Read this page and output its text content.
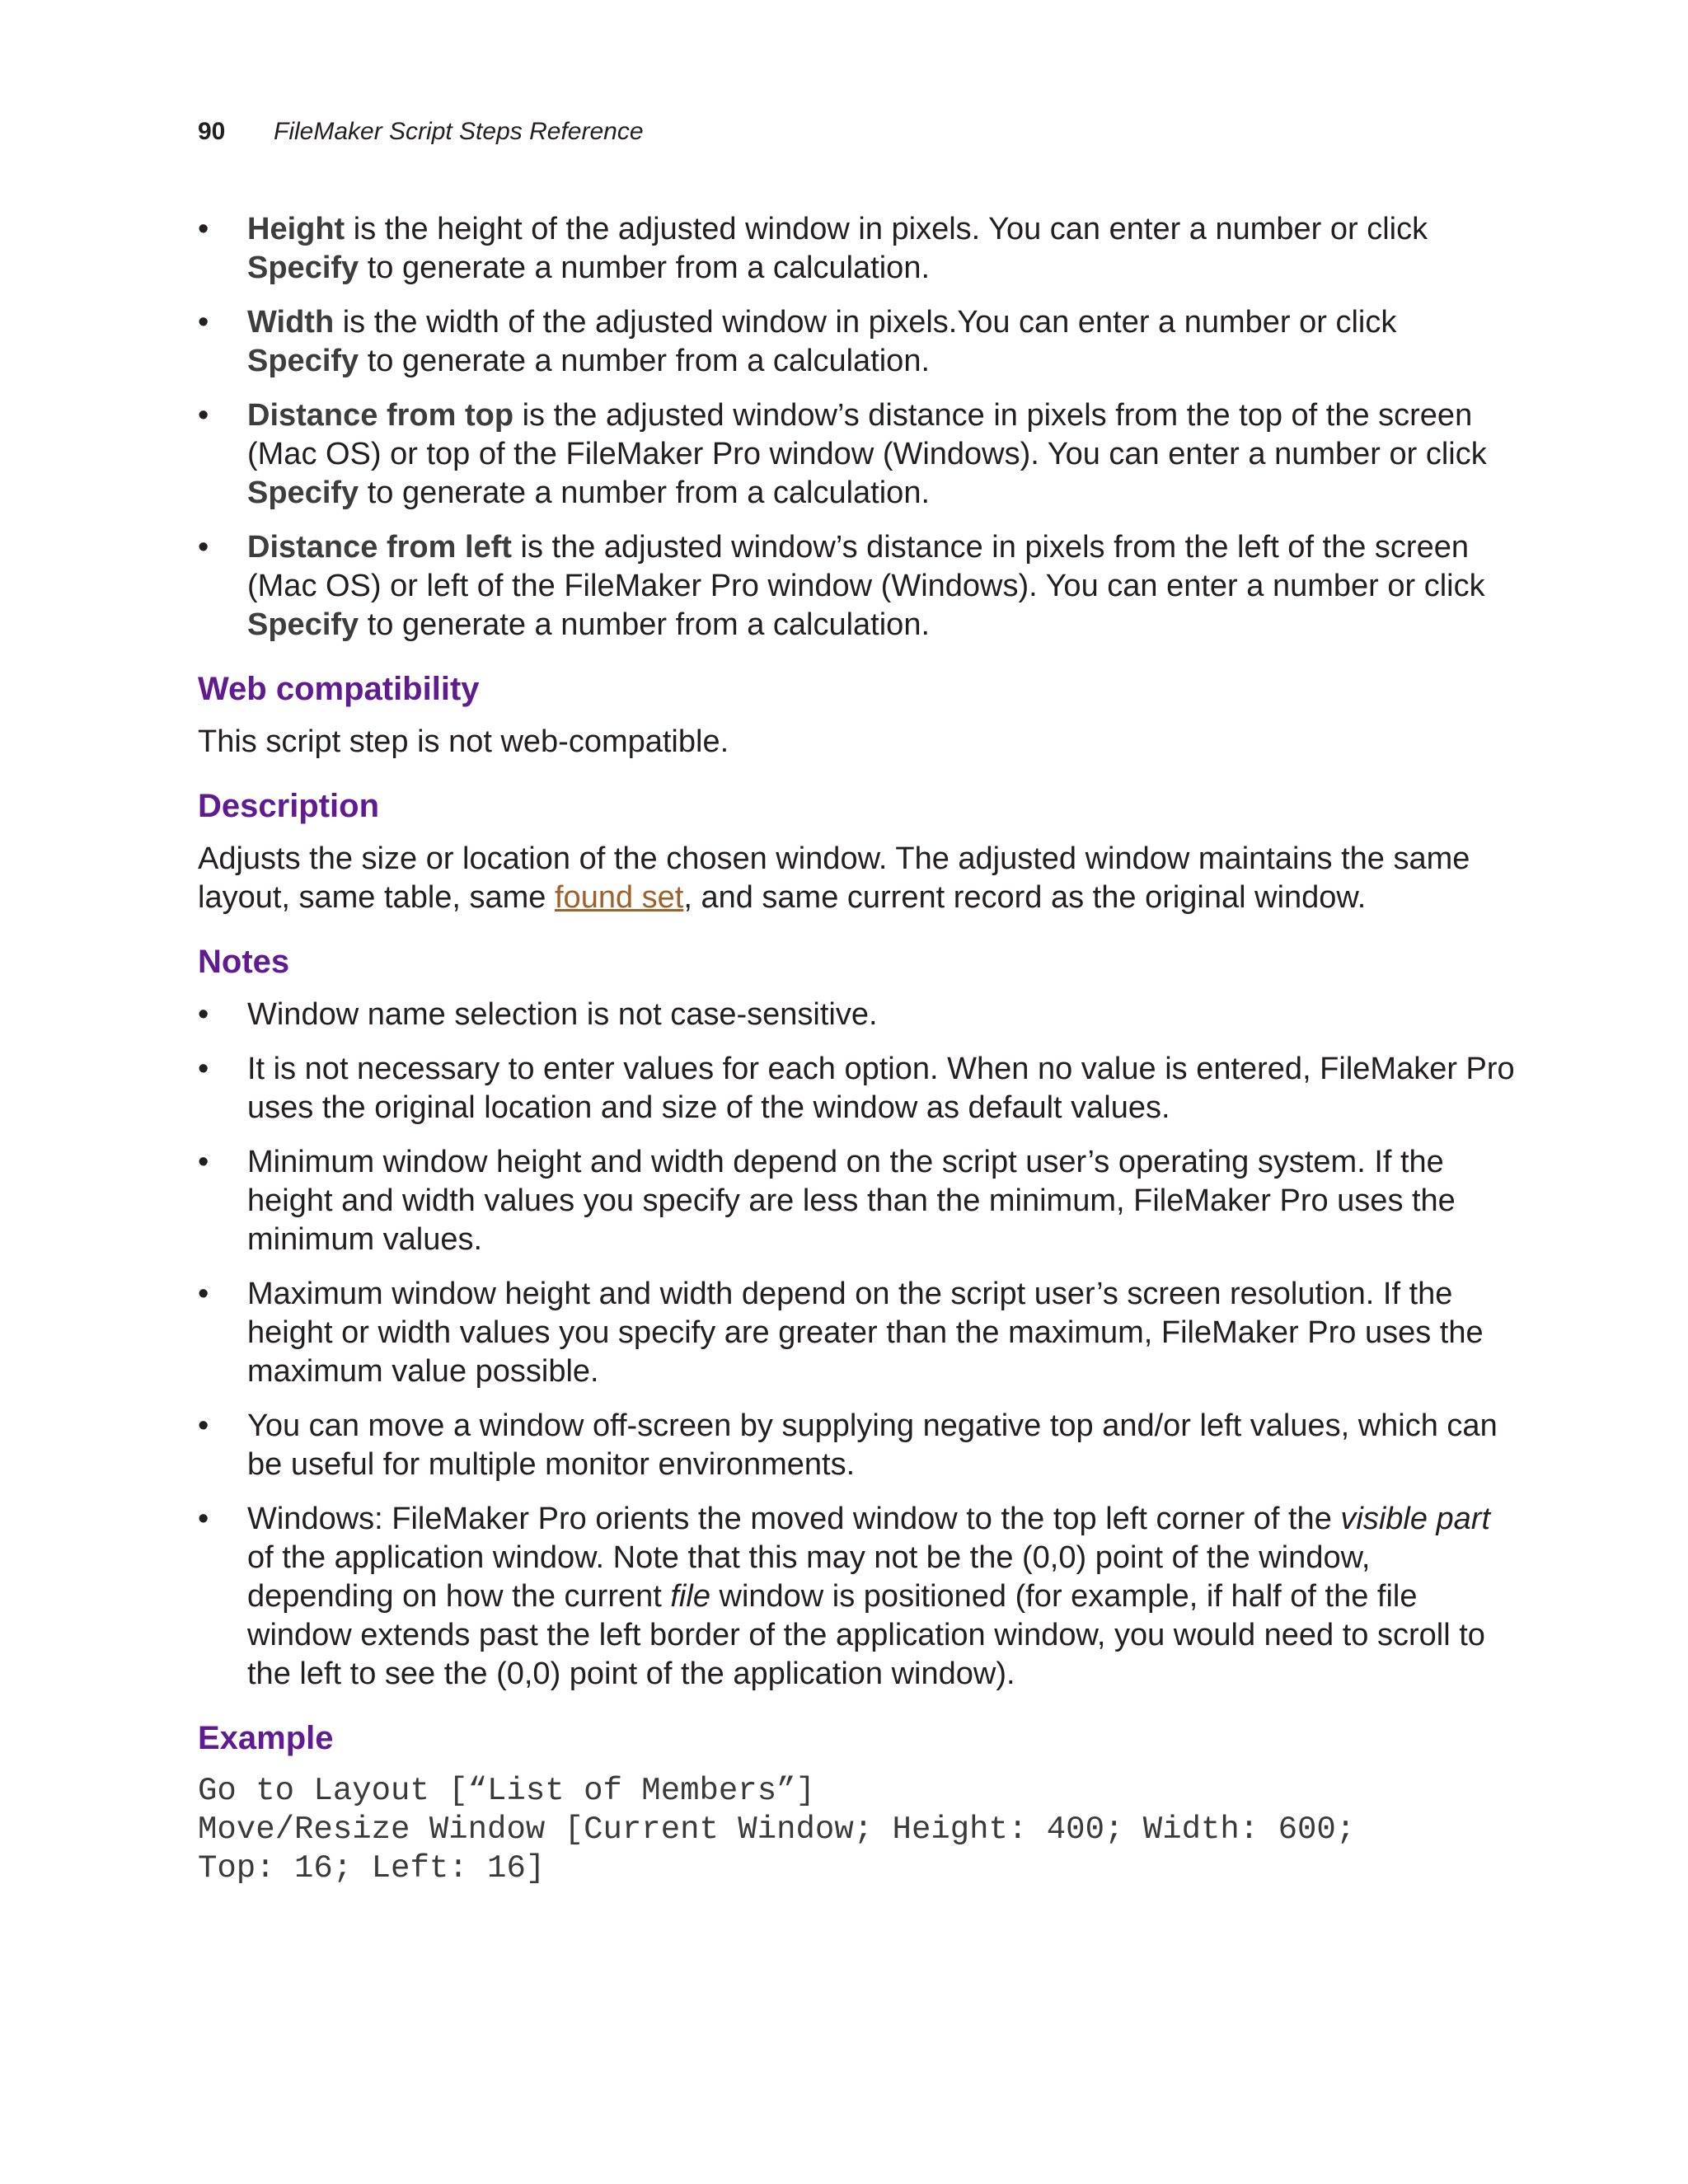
90 FileMaker Script Steps Reference
•	Height is the height of the adjusted window in pixels. You can enter a number or click Specify to generate a number from a calculation.
•	Width is the width of the adjusted window in pixels.You can enter a number or click Specify to generate a number from a calculation.
•	Distance from top is the adjusted window’s distance in pixels from the top of the screen (Mac OS) or top of the FileMaker Pro window (Windows). You can enter a number or click Specify to generate a number from a calculation.
•	Distance from left is the adjusted window’s distance in pixels from the left of the screen (Mac OS) or left of the FileMaker Pro window (Windows). You can enter a number or click Specify to generate a number from a calculation.
Web compatibility

This script step is not web-compatible.

Description

Adjusts the size or location of the chosen window. The adjusted window maintains the same layout, same table, same found set, and same current record as the original window.

Notes
•	Window name selection is not case-sensitive.
•	It is not necessary to enter values for each option. When no value is entered, FileMaker Pro uses the original location and size of the window as default values.
•	Minimum window height and width depend on the script user’s operating system. If the height and width values you specify are less than the minimum, FileMaker Pro uses the minimum values.
•	Maximum window height and width depend on the script user’s screen resolution. If the height or width values you specify are greater than the maximum, FileMaker Pro uses the maximum value possible.
•	You can move a window off-screen by supplying negative top and/or left values, which can be useful for multiple monitor environments.
•	Windows: FileMaker Pro orients the moved window to the top left corner of the visible part of the application window. Note that this may not be the (0,0) point of the window, depending on how the current file window is positioned (for example, if half of the file window extends past the left border of the application window, you would need to scroll to the left to see the (0,0) point of the application window).
Example
Go to Layout [“List of Members”]
Move/Resize Window [Current Window; Height: 400; Width: 600;
Top: 16; Left: 16]
